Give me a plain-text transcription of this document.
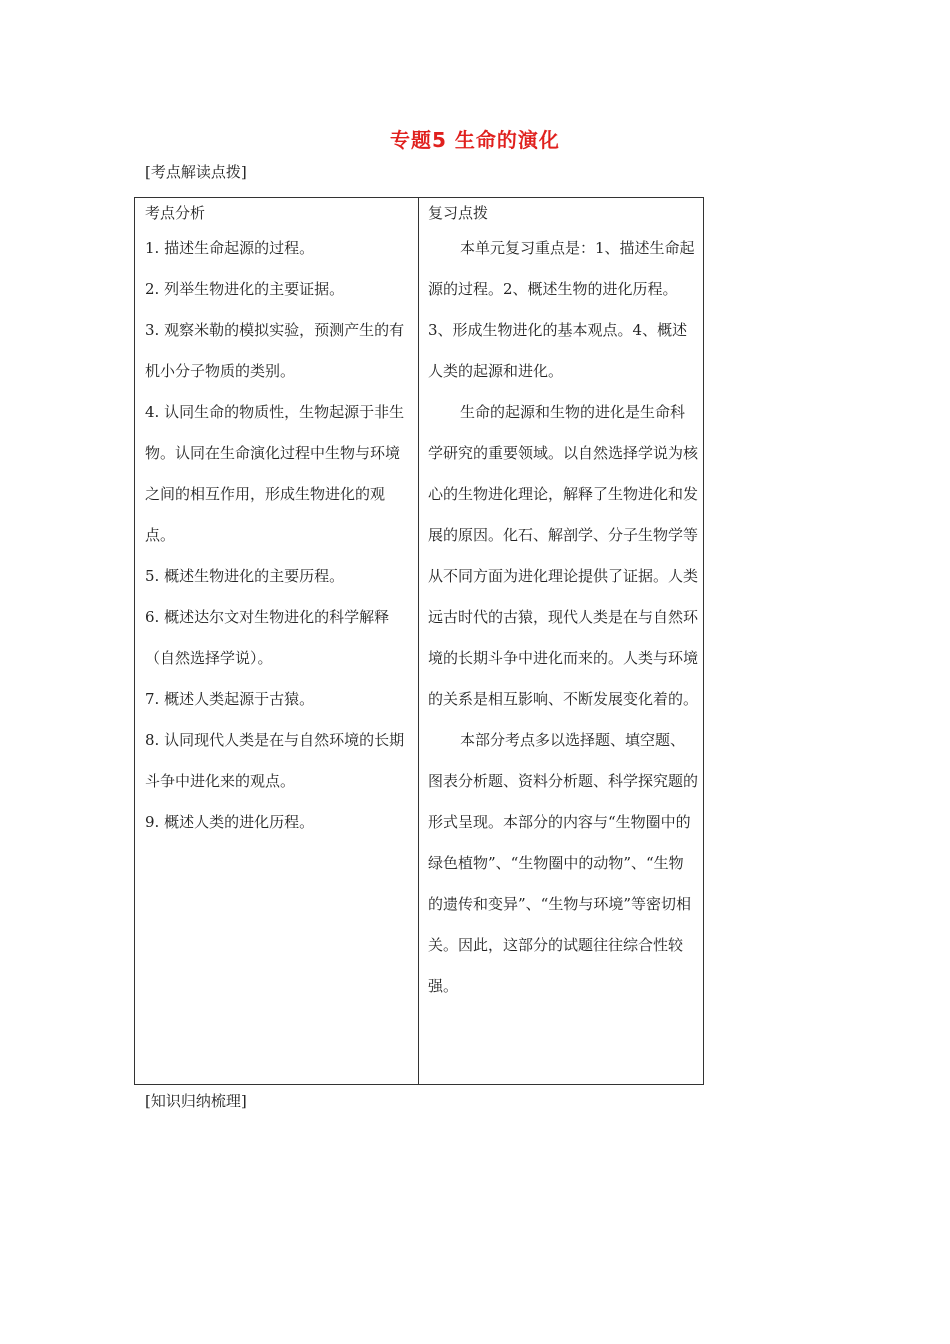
专题5 生命的演化
[考点解读点拨]
考点分析
1. 描述生命起源的过程。
2. 列举生物进化的主要证据。
3. 观察米勒的模拟实验，预测产生的有机小分子物质的类别。
4. 认同生命的物质性，生物起源于非生物。认同在生命演化过程中生物与环境之间的相互作用，形成生物进化的观点。
5. 概述生物进化的主要历程。
6. 概述达尔文对生物进化的科学解释（自然选择学说）。
7. 概述人类起源于古猿。
8. 认同现代人类是在与自然环境的长期斗争中进化来的观点。
9. 概述人类的进化历程。
复习点拨

本单元复习重点是：1、描述生命起源的过程。2、概述生物的进化历程。3、形成生物进化的基本观点。4、概述人类的起源和进化。

生命的起源和生物的进化是生命科学研究的重要领域。以自然选择学说为核心的生物进化理论，解释了生物进化和发展的原因。化石、解剖学、分子生物学等从不同方面为进化理论提供了证据。人类远古时代的古猿，现代人类是在与自然环境的长期斗争中进化而来的。人类与环境的关系是相互影响、不断发展变化着的。

本部分考点多以选择题、填空题、图表分析题、资料分析题、科学探究题的形式呈现。本部分的内容与“生物圈中的绿色植物”、“生物圈中的动物”、“生物的遗传和变异”、“生物与环境”等密切相关。因此，这部分的试题往往综合性较强。

[知识归纳梳理]
